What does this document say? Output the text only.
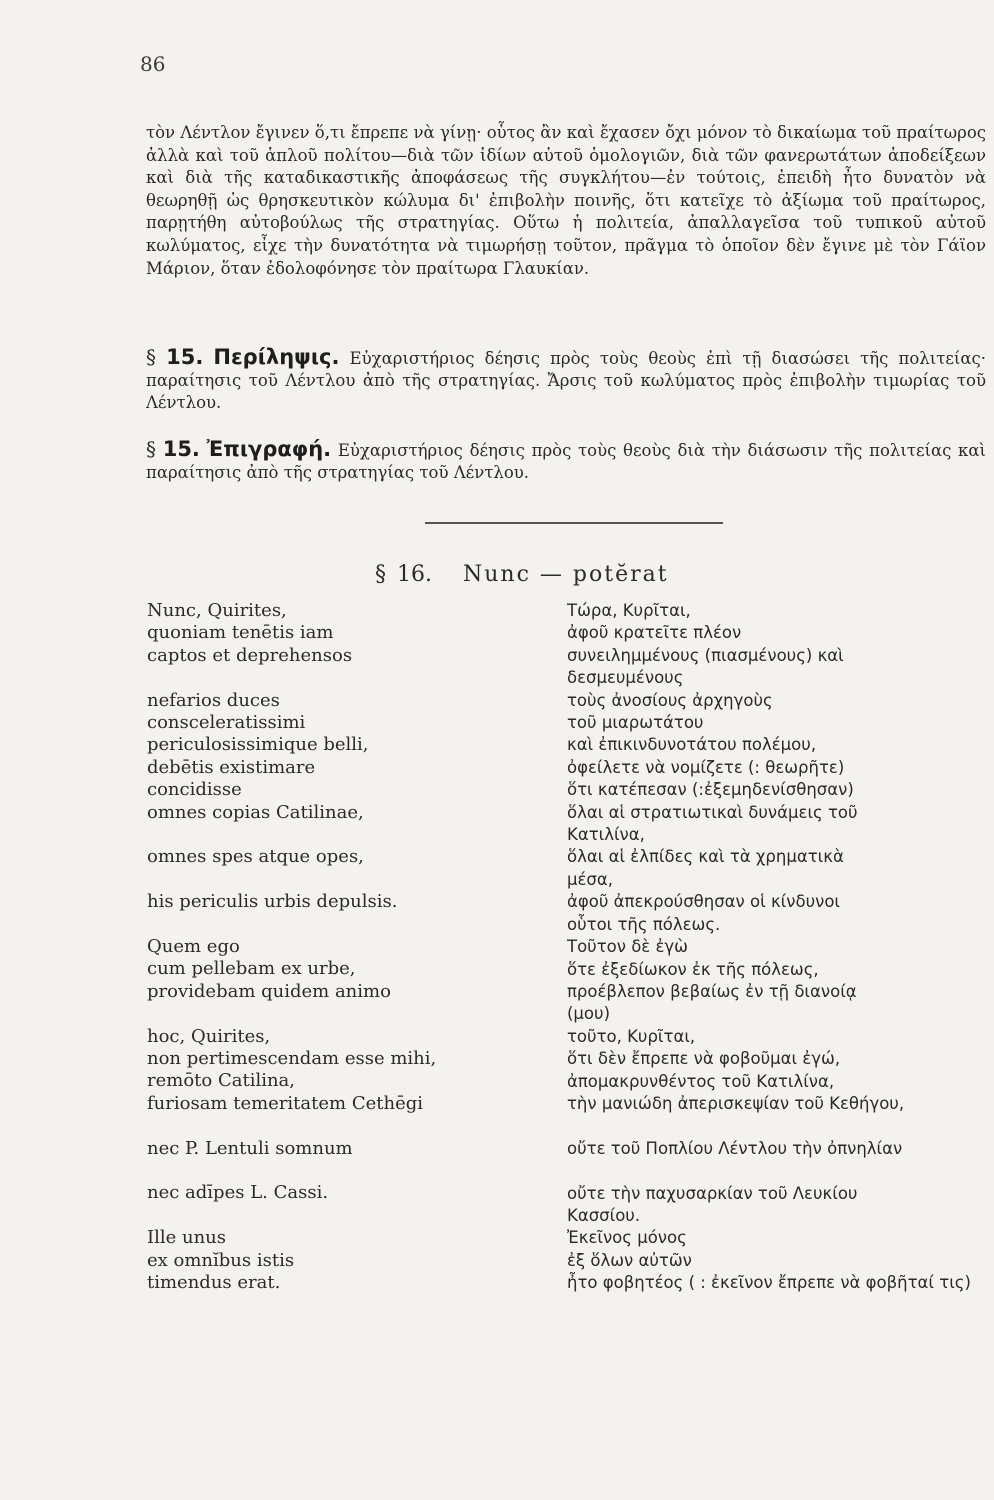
86

τὸν Λέντλον ἔγινεν ὅ,τι ἔπρεπε νὰ γίνῃ· οὗτος ἂν καὶ ἔχασεν ὄχι μόνον τὸ δικαίωμα τοῦ πραίτωρος ἀλλὰ καὶ τοῦ ἁπλοῦ πολίτου—διὰ τῶν ἰδίων αὐτοῦ ὁμολογιῶν, διὰ τῶν φανερωτάτων ἀποδείξεων καὶ διὰ τῆς καταδικαστικῆς ἀποφάσεως τῆς συγκλήτου—ἐν τούτοις, ἐπειδὴ ἦτο δυνατὸν νὰ θεωρηθῇ ὡς θρησκευτικὸν κώλυμα δι' ἐπιβολὴν ποινῆς, ὅτι κατεῖχε τὸ ἀξίωμα τοῦ πραίτωρος, παρῃτήθη αὐτοβούλως τῆς στρατηγίας. Οὕτω ἡ πολιτεία, ἀπαλλαγεῖσα τοῦ τυπικοῦ αὐτοῦ κωλύματος, εἶχε τὴν δυνατότητα νὰ τιμωρήσῃ τοῦτον, πρᾶγμα τὸ ὁποῖον δὲν ἔγινε μὲ τὸν Γάϊον Μάριον, ὅταν ἐδολοφόνησε τὸν πραίτωρα Γλαυκίαν.

§ 15. Περίληψις. Εὐχαριστήριος δέησις πρὸς τοὺς θεοὺς ἐπὶ τῇ διασώσει τῆς πολιτείας· παραίτησις τοῦ Λέντλου ἀπὸ τῆς στρατηγίας. Ἄρσις τοῦ κωλύματος πρὸς ἐπιβολὴν τιμωρίας τοῦ Λέντλου.
§ 15. Ἐπιγραφή. Εὐχαριστήριος δέησις πρὸς τοὺς θεοὺς διὰ τὴν διάσωσιν τῆς πολιτείας καὶ παραίτησις ἀπὸ τῆς στρατηγίας τοῦ Λέντλου.
§ 16. Nunc — potĕrat
Nunc, Quirites,
quoniam tenētis iam
captos et deprehensos
nefarios duces
consceleratissimi
periculosissimique belli,
debētis existimare
concidisse
omnes copias Catilinae,
omnes spes atque opes,
his periculis urbis depulsis.
Quem ego
cum pellebam ex urbe,
providebam quidem animo
hoc, Quirites,
non pertimescendam esse mihi,
remōto Catilina,
furiosam temeritatem Cethēgi
nec P. Lentuli somnum
nec adīpes L. Cassi.
Ille unus
ex omnĭbus istis
timendus erat.
Τώρα, Κυρῖται,
ἀφοῦ κρατεῖτε πλέον
συνειλημμένους (πιασμένους) καὶ
δεσμευμένους
τοὺς ἀνοσίους ἀρχηγοὺς
τοῦ μιαρωτάτου
καὶ ἐπικινδυνοτάτου πολέμου,
ὀφείλετε νὰ νομίζετε (: θεωρῆτε)
ὅτι κατέπεσαν (:ἐξεμηδενίσθησαν)
ὅλαι αἱ στρατιωτικαὶ δυνάμεις τοῦ
Κατιλίνα,
ὅλαι αἱ ἐλπίδες καὶ τὰ χρηματικὰ
μέσα,
ἀφοῦ ἀπεκρούσθησαν οἱ κίνδυνοι
οὗτοι τῆς πόλεως.
Τοῦτον δὲ ἐγὼ
ὅτε ἐξεδίωκον ἐκ τῆς πόλεως,
προέβλεπον βεβαίως ἐν τῇ διανοίᾳ
(μου)
τοῦτο, Κυρῖται,
ὅτι δὲν ἔπρεπε νὰ φοβοῦμαι ἐγώ,
ἀπομακρυνθέντος τοῦ Κατιλίνα,
τὴν μανιώδη ἀπερισκεψίαν τοῦ Κεθήγου,
οὔτε τοῦ Ποπλίου Λέντλου τὴν ὀπνηλίαν
οὔτε τὴν παχυσαρκίαν τοῦ Λευκίου
Κασσίου.
Ἐκεῖνος μόνος
ἐξ ὅλων αὐτῶν
ἦτο φοβητέος ( : ἐκεῖνον ἔπρεπε νὰ φοβῆταί τις)
